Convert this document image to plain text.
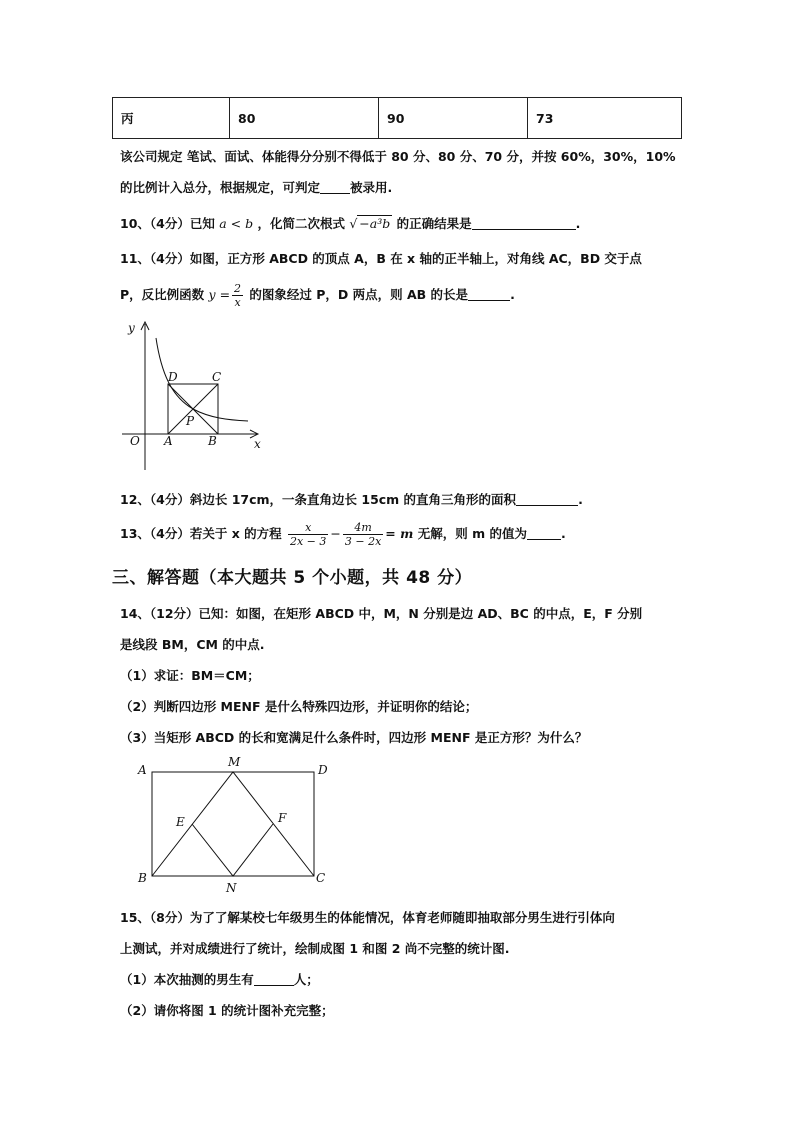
丙	80	90	73
该公司规定 笔试、面试、体能得分分别不得低于 80 分、80 分、70 分，并按 60%，30%，10%
的比例计入总分，根据规定，可判定 被录用.
10、（4分）已知 a < b ，化简二次根式 √ −a³b 的正确结果是	.
11、（4分）如图，正方形 ABCD 的顶点 A，B 在 x 轴的正半轴上，对角线 AC，BD 交于点
P，反比例函数 $y = \frac{2}{x}$ 的图象经过 P，D 两点，则 AB 的长是	.
y
x
O A	B
C
D
P
12、（4分）斜边长 17cm，一条直角边长 15cm 的直角三角形的面积	.
13、（4分）若关于 x 的方程 $\frac{x}{2x - 3} - \frac{4m}{3 - 2x} = m$ 无解，则 m 的值为	.
三、解答题（本大题共 5 个小题，共 48 分）
14、（12分）已知：如图，在矩形 ABCD 中，M，N 分别是边 AD、BC 的中点，E，F 分别
是线段 BM，CM 的中点.
（1）求证：BM＝CM；
（2）判断四边形 MENF 是什么特殊四边形，并证明你的结论；
（3）当矩形 ABCD 的长和宽满足什么条件时，四边形 MENF 是正方形？为什么？
A
M
D
E	F
B
N
C
15、（8分）为了了解某校七年级男生的体能情况，体育老师随即抽取部分男生进行引体向
上测试，并对成绩进行了统计，绘制成图 1 和图 2 尚不完整的统计图.
（1）本次抽测的男生有	人；
（2）请你将图 1 的统计图补充完整；
